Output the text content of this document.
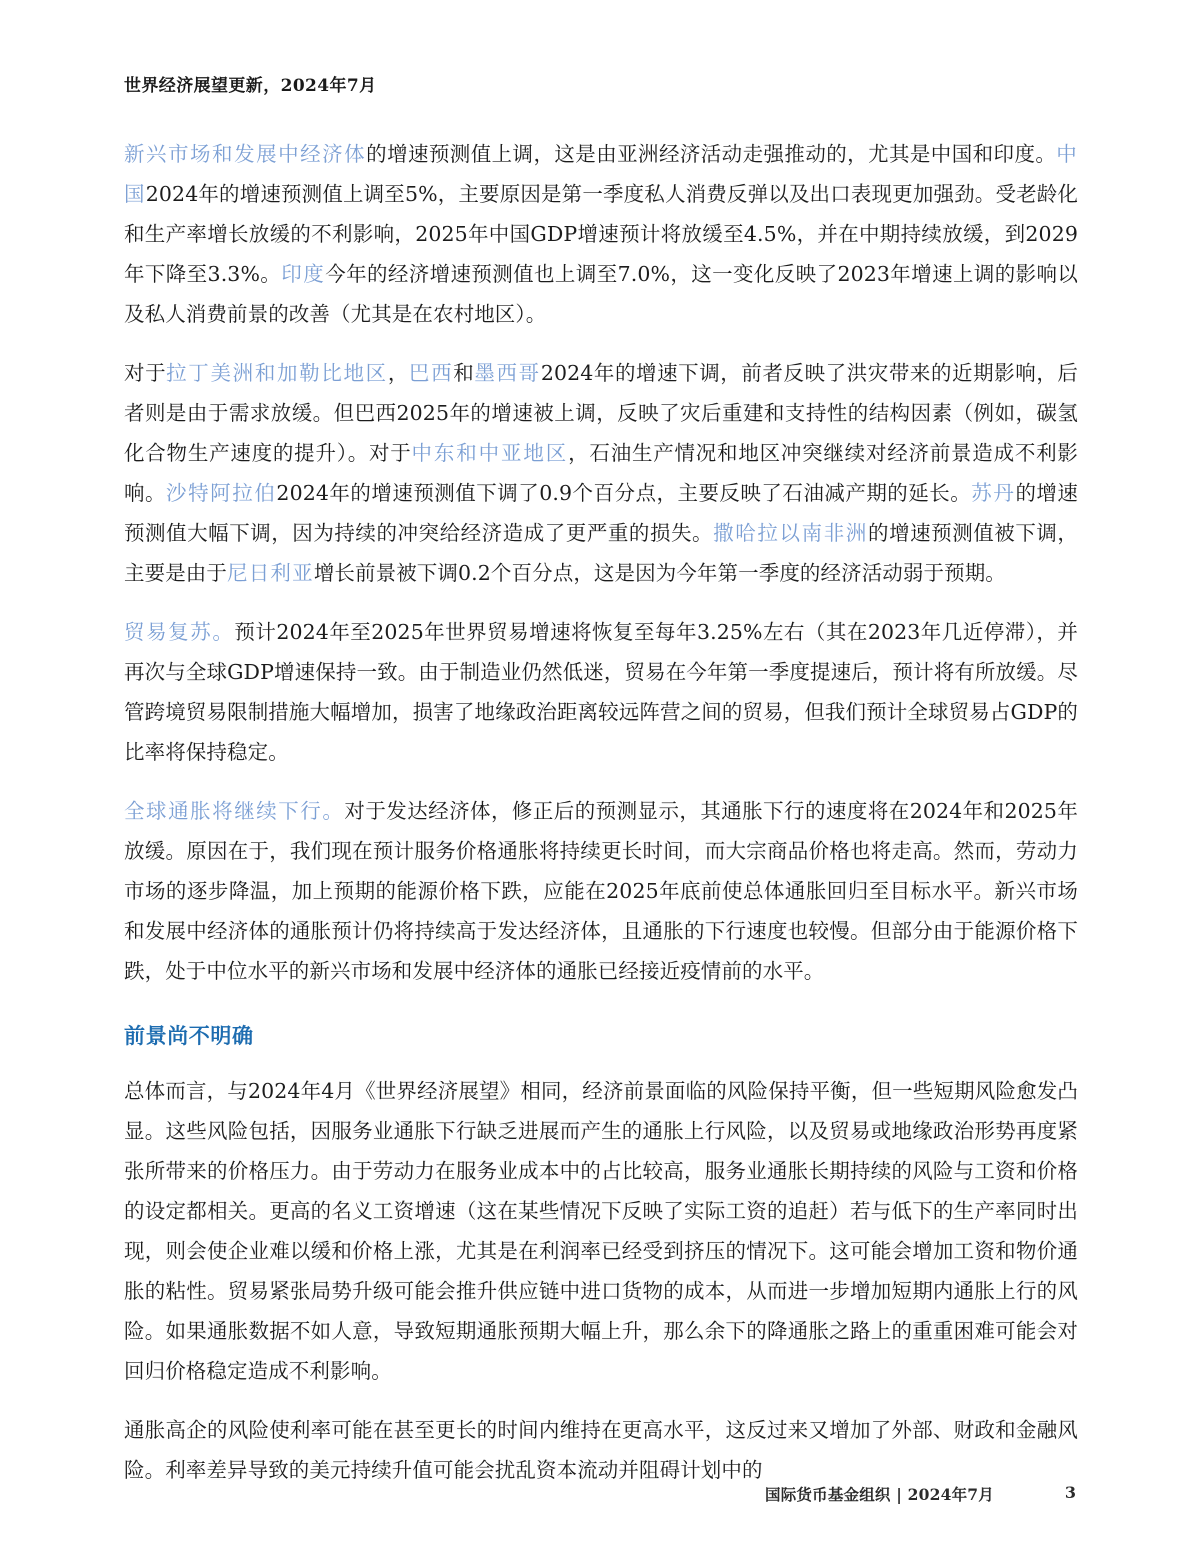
世界经济展望更新，2024年7月

新兴市场和发展中经济体的增速预测值上调，这是由亚洲经济活动走强推动的，尤其是中国和印度。中国2024年的增速预测值上调至5%，主要原因是第一季度私人消费反弹以及出口表现更加强劲。受老龄化和生产率增长放缓的不利影响，2025年中国GDP增速预计将放缓至4.5%，并在中期持续放缓，到2029年下降至3.3%。印度今年的经济增速预测值也上调至7.0%，这一变化反映了2023年增速上调的影响以及私人消费前景的改善（尤其是在农村地区）。

对于拉丁美洲和加勒比地区，巴西和墨西哥2024年的增速下调，前者反映了洪灾带来的近期影响，后者则是由于需求放缓。但巴西2025年的增速被上调，反映了灾后重建和支持性的结构因素（例如，碳氢化合物生产速度的提升）。对于中东和中亚地区，石油生产情况和地区冲突继续对经济前景造成不利影响。沙特阿拉伯2024年的增速预测值下调了0.9个百分点，主要反映了石油减产期的延长。苏丹的增速预测值大幅下调，因为持续的冲突给经济造成了更严重的损失。撒哈拉以南非洲的增速预测值被下调，主要是由于尼日利亚增长前景被下调0.2个百分点，这是因为今年第一季度的经济活动弱于预期。

贸易复苏。预计2024年至2025年世界贸易增速将恢复至每年3.25%左右（其在2023年几近停滞），并再次与全球GDP增速保持一致。由于制造业仍然低迷，贸易在今年第一季度提速后，预计将有所放缓。尽管跨境贸易限制措施大幅增加，损害了地缘政治距离较远阵营之间的贸易，但我们预计全球贸易占GDP的比率将保持稳定。

全球通胀将继续下行。对于发达经济体，修正后的预测显示，其通胀下行的速度将在2024年和2025年放缓。原因在于，我们现在预计服务价格通胀将持续更长时间，而大宗商品价格也将走高。然而，劳动力市场的逐步降温，加上预期的能源价格下跌，应能在2025年底前使总体通胀回归至目标水平。新兴市场和发展中经济体的通胀预计仍将持续高于发达经济体，且通胀的下行速度也较慢。但部分由于能源价格下跌，处于中位水平的新兴市场和发展中经济体的通胀已经接近疫情前的水平。

前景尚不明确

总体而言，与2024年4月《世界经济展望》相同，经济前景面临的风险保持平衡，但一些短期风险愈发凸显。这些风险包括，因服务业通胀下行缺乏进展而产生的通胀上行风险，以及贸易或地缘政治形势再度紧张所带来的价格压力。由于劳动力在服务业成本中的占比较高，服务业通胀长期持续的风险与工资和价格的设定都相关。更高的名义工资增速（这在某些情况下反映了实际工资的追赶）若与低下的生产率同时出现，则会使企业难以缓和价格上涨，尤其是在利润率已经受到挤压的情况下。这可能会增加工资和物价通胀的粘性。贸易紧张局势升级可能会推升供应链中进口货物的成本，从而进一步增加短期内通胀上行的风险。如果通胀数据不如人意，导致短期通胀预期大幅上升，那么余下的降通胀之路上的重重困难可能会对回归价格稳定造成不利影响。

通胀高企的风险使利率可能在甚至更长的时间内维持在更高水平，这反过来又增加了外部、财政和金融风险。利率差异导致的美元持续升值可能会扰乱资本流动并阻碍计划中的

国际货币基金组织 | 2024年7月	3
